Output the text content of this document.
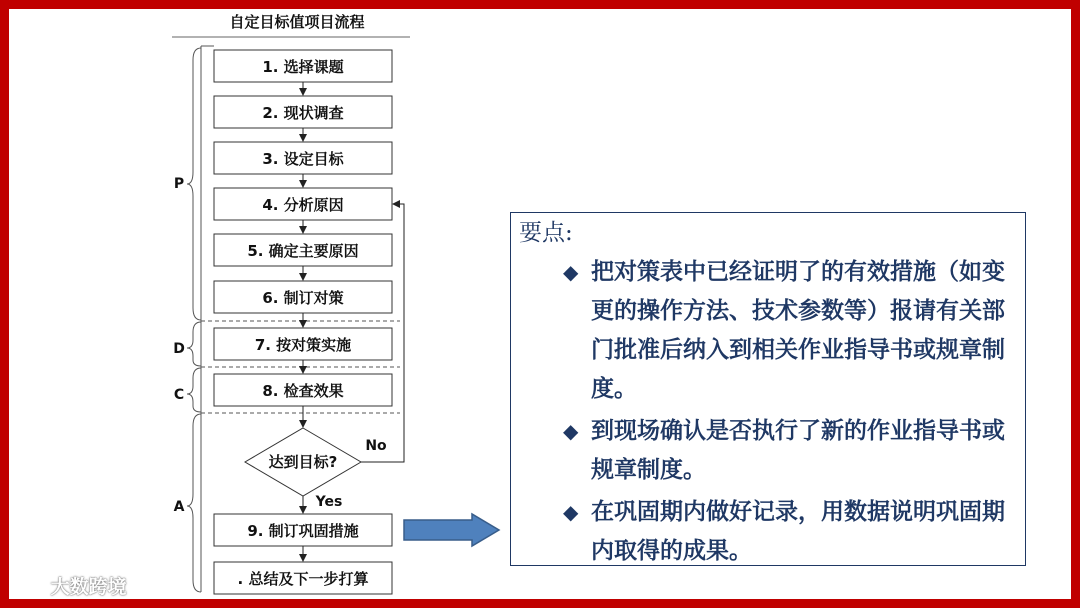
自定目标值项目流程
P
D
C
A
1. 选择课题
2. 现状调查
3. 设定目标
4. 分析原因
5. 确定主要原因
6. 制订对策
7. 按对策实施
8. 检查效果
达到目标?
9. 制订巩固措施
. 总结及下一步打算
No
Yes
要点:
◆ 把对策表中已经证明了的有效措施（如变更的操作方法、技术参数等）报请有关部门批准后纳入到相关作业指导书或规章制度。
◆ 到现场确认是否执行了新的作业指导书或规章制度。
◆ 在巩固期内做好记录，用数据说明巩固期内取得的成果。
大数跨境
